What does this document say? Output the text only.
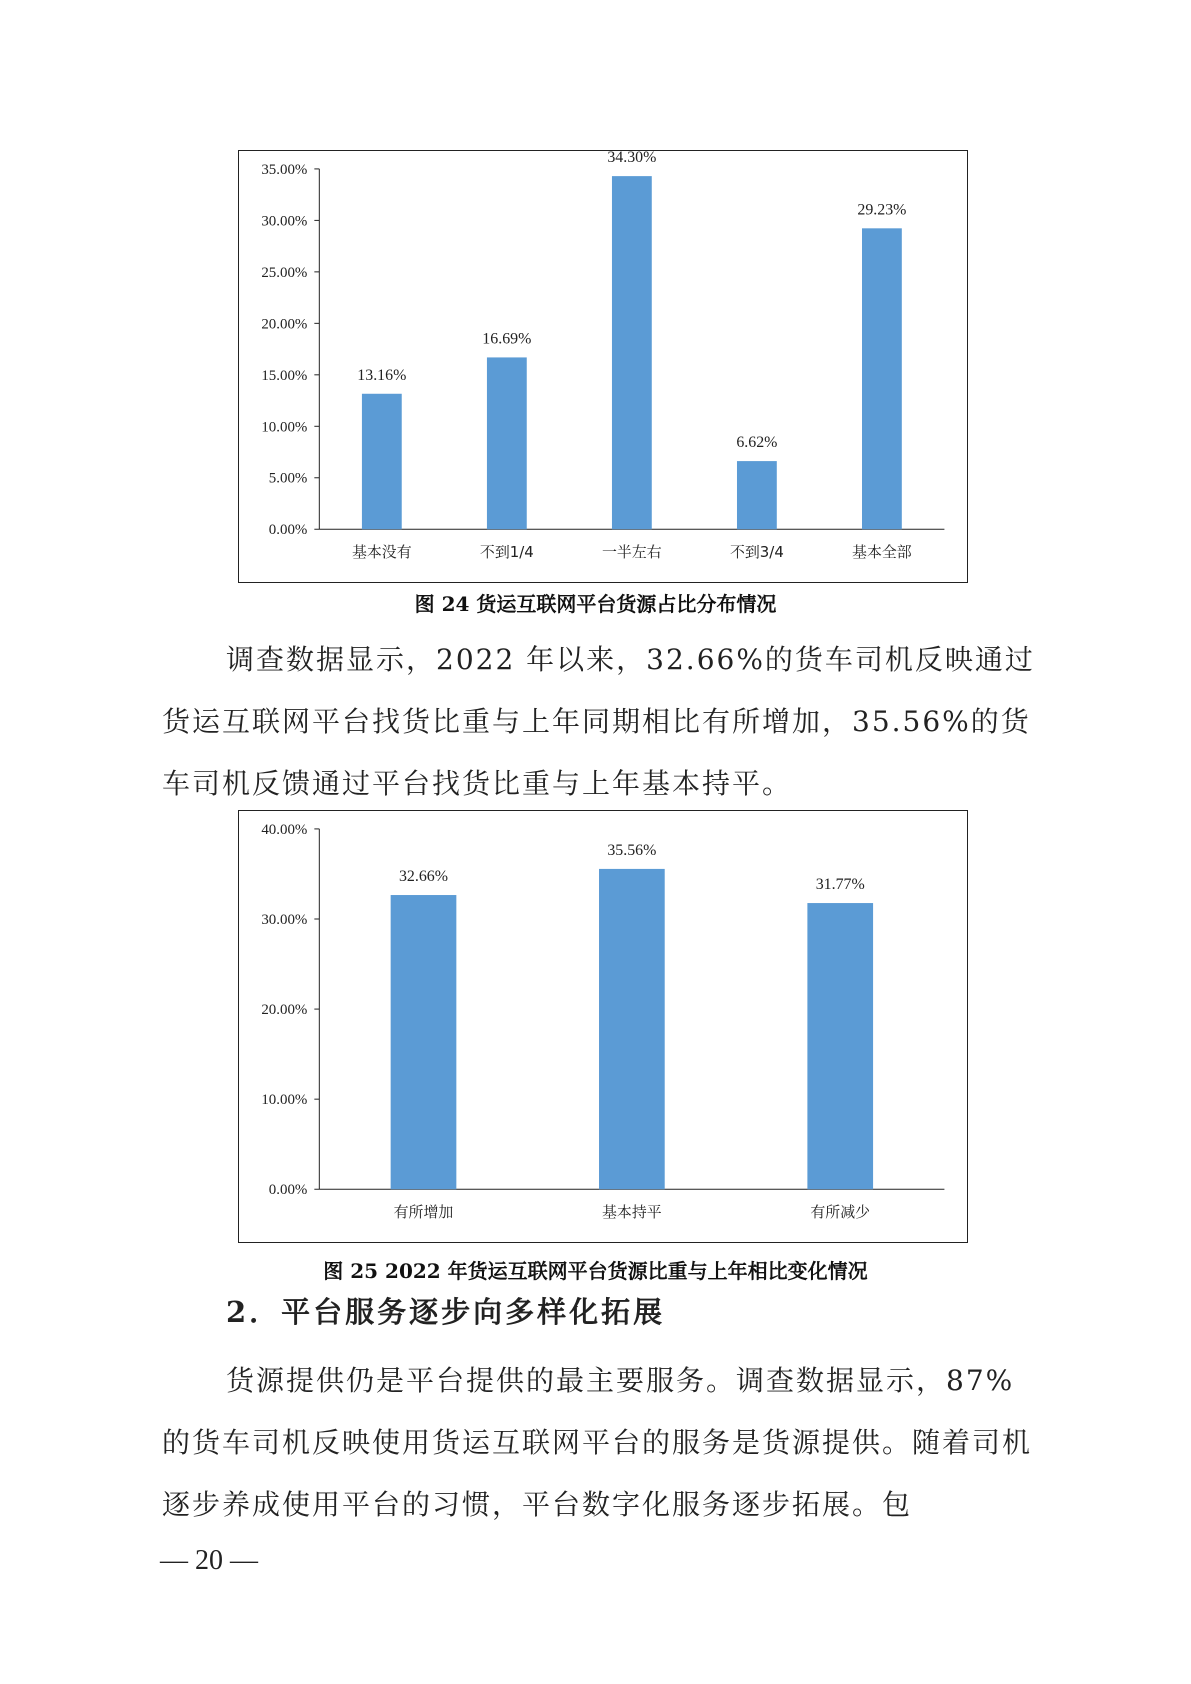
0.00%
5.00%
10.00%
15.00%
20.00%
25.00%
30.00%
35.00%
13.16%
基本没有
16.69%
不到1/4
34.30%
一半左右
6.62%
不到3/4
29.23%
基本全部
图 24 货运互联网平台货源占比分布情况
调查数据显示，2022 年以来，32.66%的货车司机反映通过货运互联网平台找货比重与上年同期相比有所增加，35.56%的货车司机反馈通过平台找货比重与上年基本持平。
0.00%
10.00%
20.00%
30.00%
40.00%
32.66%
有所增加
35.56%
基本持平
31.77%
有所减少
图 25 2022 年货运互联网平台货源比重与上年相比变化情况
2．平台服务逐步向多样化拓展
货源提供仍是平台提供的最主要服务。调查数据显示，87%的货车司机反映使用货运互联网平台的服务是货源提供。随着司机逐步养成使用平台的习惯，平台数字化服务逐步拓展。包
— 20 —
